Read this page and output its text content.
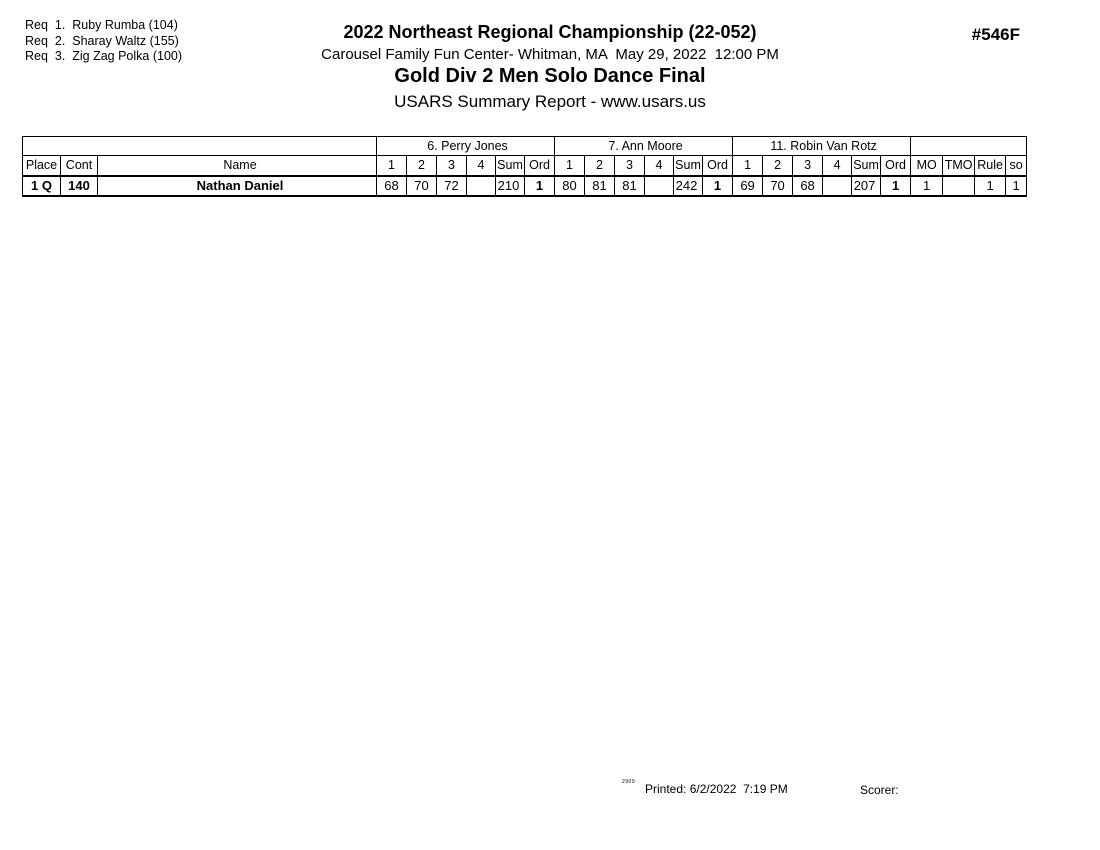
Req  1.  Ruby Rumba (104)
Req  2.  Sharay Waltz (155)
Req  3.  Zig Zag Polka (100)
2022 Northeast Regional Championship (22-052)
Carousel Family Fun Center- Whitman, MA  May 29, 2022  12:00 PM
Gold Div 2 Men Solo Dance Final
USARS Summary Report - www.usars.us
#546F
			6. Perry Jones						7. Ann Moore						11. Robin Van Rotz									
Place	Cont	Name	1	2	3	4	Sum	Ord	1	2	3	4	Sum	Ord	1	2	3	4	Sum	Ord	MO	TMO	Rule	so
1 Q	140	Nathan Daniel	68	70	72		210	1	80	81	81		242	1	69	70	68		207	1	1		1	1
2909 Printed: 6/2/2022  7:19 PM	Scorer:
